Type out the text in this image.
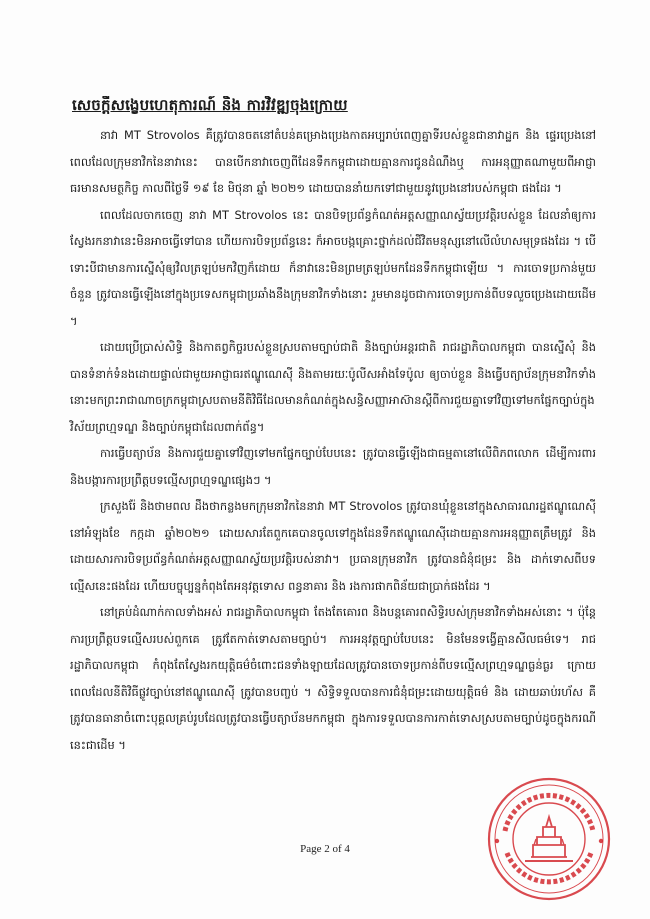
សេចក្តីសង្ខេបហេតុការណ៍ និង ការវិវឌ្ឍចុងក្រោយ

នាវា MT Strovolos គឺត្រូវបានចតនៅតំបន់គម្រោងប្រេងកាតអប្បរាប់ពេញគ្នាទីរបស់ខ្លួនជានាវាដ្ឋក និង ផ្ទេរប្រេងនៅ ពេលដែលក្រុមនាវិកនៃនាវានេះ បានបើកនាវាចេញពីដែនទឹកកម្ពុជាដោយគ្មានការជូនដំណឹងឬ ការអនុញ្ញាតណាមួយពីអាជ្ញាធរមានសមត្ថកិច្ច កាលពីថ្ងៃទី ១៩ ខែ មិថុនា ឆ្នាំ ២០២១ ដោយបាននាំយកទៅជាមួយនូវប្រេងនៅរបស់កម្ពុជា ផងដែរ ។

ពេលដែលចាកចេញ នាវា MT Strovolos នេះ បានបិទប្រព័ន្ធកំណត់អត្តសញ្ញាណស្វ័យប្រវត្តិរបស់ខ្លួន ដែលនាំឲ្យការស្វែងរកនាវានេះមិនអាចធ្វើទៅបាន ហើយការបិទប្រព័ន្ធនេះ ក៏អាចបង្កគ្រោះថ្នាក់ដល់ជីវិតមនុស្សនៅលើលំហសមុទ្រផងដែរ ។ បើទោះបីជាមានការស្នើសុំឲ្យវិលត្រឡប់មកវិញក៏ដោយ ក៏នាវានេះមិនព្រមត្រឡប់មកដែនទឹកកម្ពុជាឡើយ ។ ការចោទប្រកាន់មួយចំនួន ត្រូវបានធ្វើឡើងនៅក្នុងប្រទេសកម្ពុជាប្រឆាំងនឹងក្រុមនាវិកទាំងនោះ រួមមានដូចជាការចោទប្រកាន់ពីបទលួចប្រេងដោយដើម ។

ដោយប្រើប្រាស់សិទ្ធិ និងកាតព្វកិច្ចរបស់ខ្លួនស្របតាមច្បាប់ជាតិ និងច្បាប់អន្តរជាតិ រាជរដ្ឋាភិបាលកម្ពុជា បានស្នើសុំ និងបានទំនាក់ទំនងដោយផ្ទាល់ជាមួយអាជ្ញាធរឥណ្ឌូណេស៊ី និងតាមរយៈប៉ូលីសអាំងទែប៉ូល ឲ្យចាប់ខ្លួន និងធ្វើបត្យាប័នក្រុមនាវិកទាំងនោះមកព្រះរាជាណាចក្រកម្ពុជាស្របតាមនីតិវិធីដែលមានកំណត់ក្នុងសន្ធិសញ្ញាអាស៊ានស្តីពីការជួយគ្នាទៅវិញទៅមកផ្នែកច្បាប់ក្នុងវិស័យព្រហ្មទណ្ឌ និងច្បាប់កម្ពុជាដែលពាក់ព័ន្ធ។

ការធ្វើបត្យាប័ន និងការជួយគ្នាទៅវិញទៅមកផ្នែកច្បាប់បែបនេះ ត្រូវបានធ្វើឡើងជាធម្មតានៅលើពិភពលោក ដើម្បីការពារ និងបង្ការការប្រព្រឹត្តបទល្មើសព្រហ្មទណ្ឌផ្សេងៗ ។

ក្រសួងរ៉ែ និងថាមពល ដឹងថាកន្លងមកក្រុមនាវិកនៃនាវា MT Strovolos ត្រូវបានឃុំខ្លួននៅក្នុងសាធារណរដ្ឋឥណ្ឌូណេស៊ីនៅអំឡុងខែ កក្កដា ឆ្នាំ២០២១ ដោយសារតែពួកគេបានចូលទៅក្នុងដែនទឹកឥណ្ឌូណេស៊ីដោយគ្មានការអនុញ្ញាតត្រឹមត្រូវ និងដោយសារការបិទប្រព័ន្ធកំណត់អត្តសញ្ញាណស្វ័យប្រវត្តិរបស់នាវា។ ប្រធានក្រុមនាវិក ត្រូវបានជំនុំជម្រះ និង ដាក់ទោសពីបទល្មើសនេះផងដែរ ហើយបច្ចុប្បន្នកំពុងតែអនុវត្តទោស ពន្ធនាគារ និង រងការផាកពិន័យជាប្រាក់ផងដែរ ។

នៅគ្រប់ដំណាក់កាលទាំងអស់ រាជរដ្ឋាភិបាលកម្ពុជា តែងតែគោរព និងបន្តគោរពសិទ្ធិរបស់ក្រុមនាវិកទាំងអស់នោះ ។ ប៉ុន្តែការប្រព្រឹត្តបទល្មើសរបស់ពួកគេ ត្រូវតែកាត់ទោសតាមច្បាប់។ ការអនុវត្តច្បាប់បែបនេះ មិនមែនទង្វើគ្មានសីលធម៌ទេ។ រាជរដ្ឋាភិបាលកម្ពុជា កំពុងតែស្វែងរកយុត្តិធម៌ចំពោះជនទាំងឡាយដែលត្រូវបានចោទប្រកាន់ពីបទល្មើសព្រហ្មទណ្ឌធ្ងន់ធ្ងរ ក្រោយពេលដែលនីតិវិធីផ្លូវច្បាប់នៅឥណ្ឌូណេស៊ី ត្រូវបានបញ្ចប់ ។ សិទ្ធិទទួលបានការជំនុំជម្រះដោយយុត្តិធម៌ និង ដោយឆាប់រហ័ស គឺត្រូវបានធានាចំពោះបុគ្គលគ្រប់រូបដែលត្រូវបានធ្វើបត្យាប័នមកកម្ពុជា ក្នុងការទទួលបានការកាត់ទោសស្របតាមច្បាប់ដូចក្នុងករណីនេះជាដើម ។

Page 2 of 4
